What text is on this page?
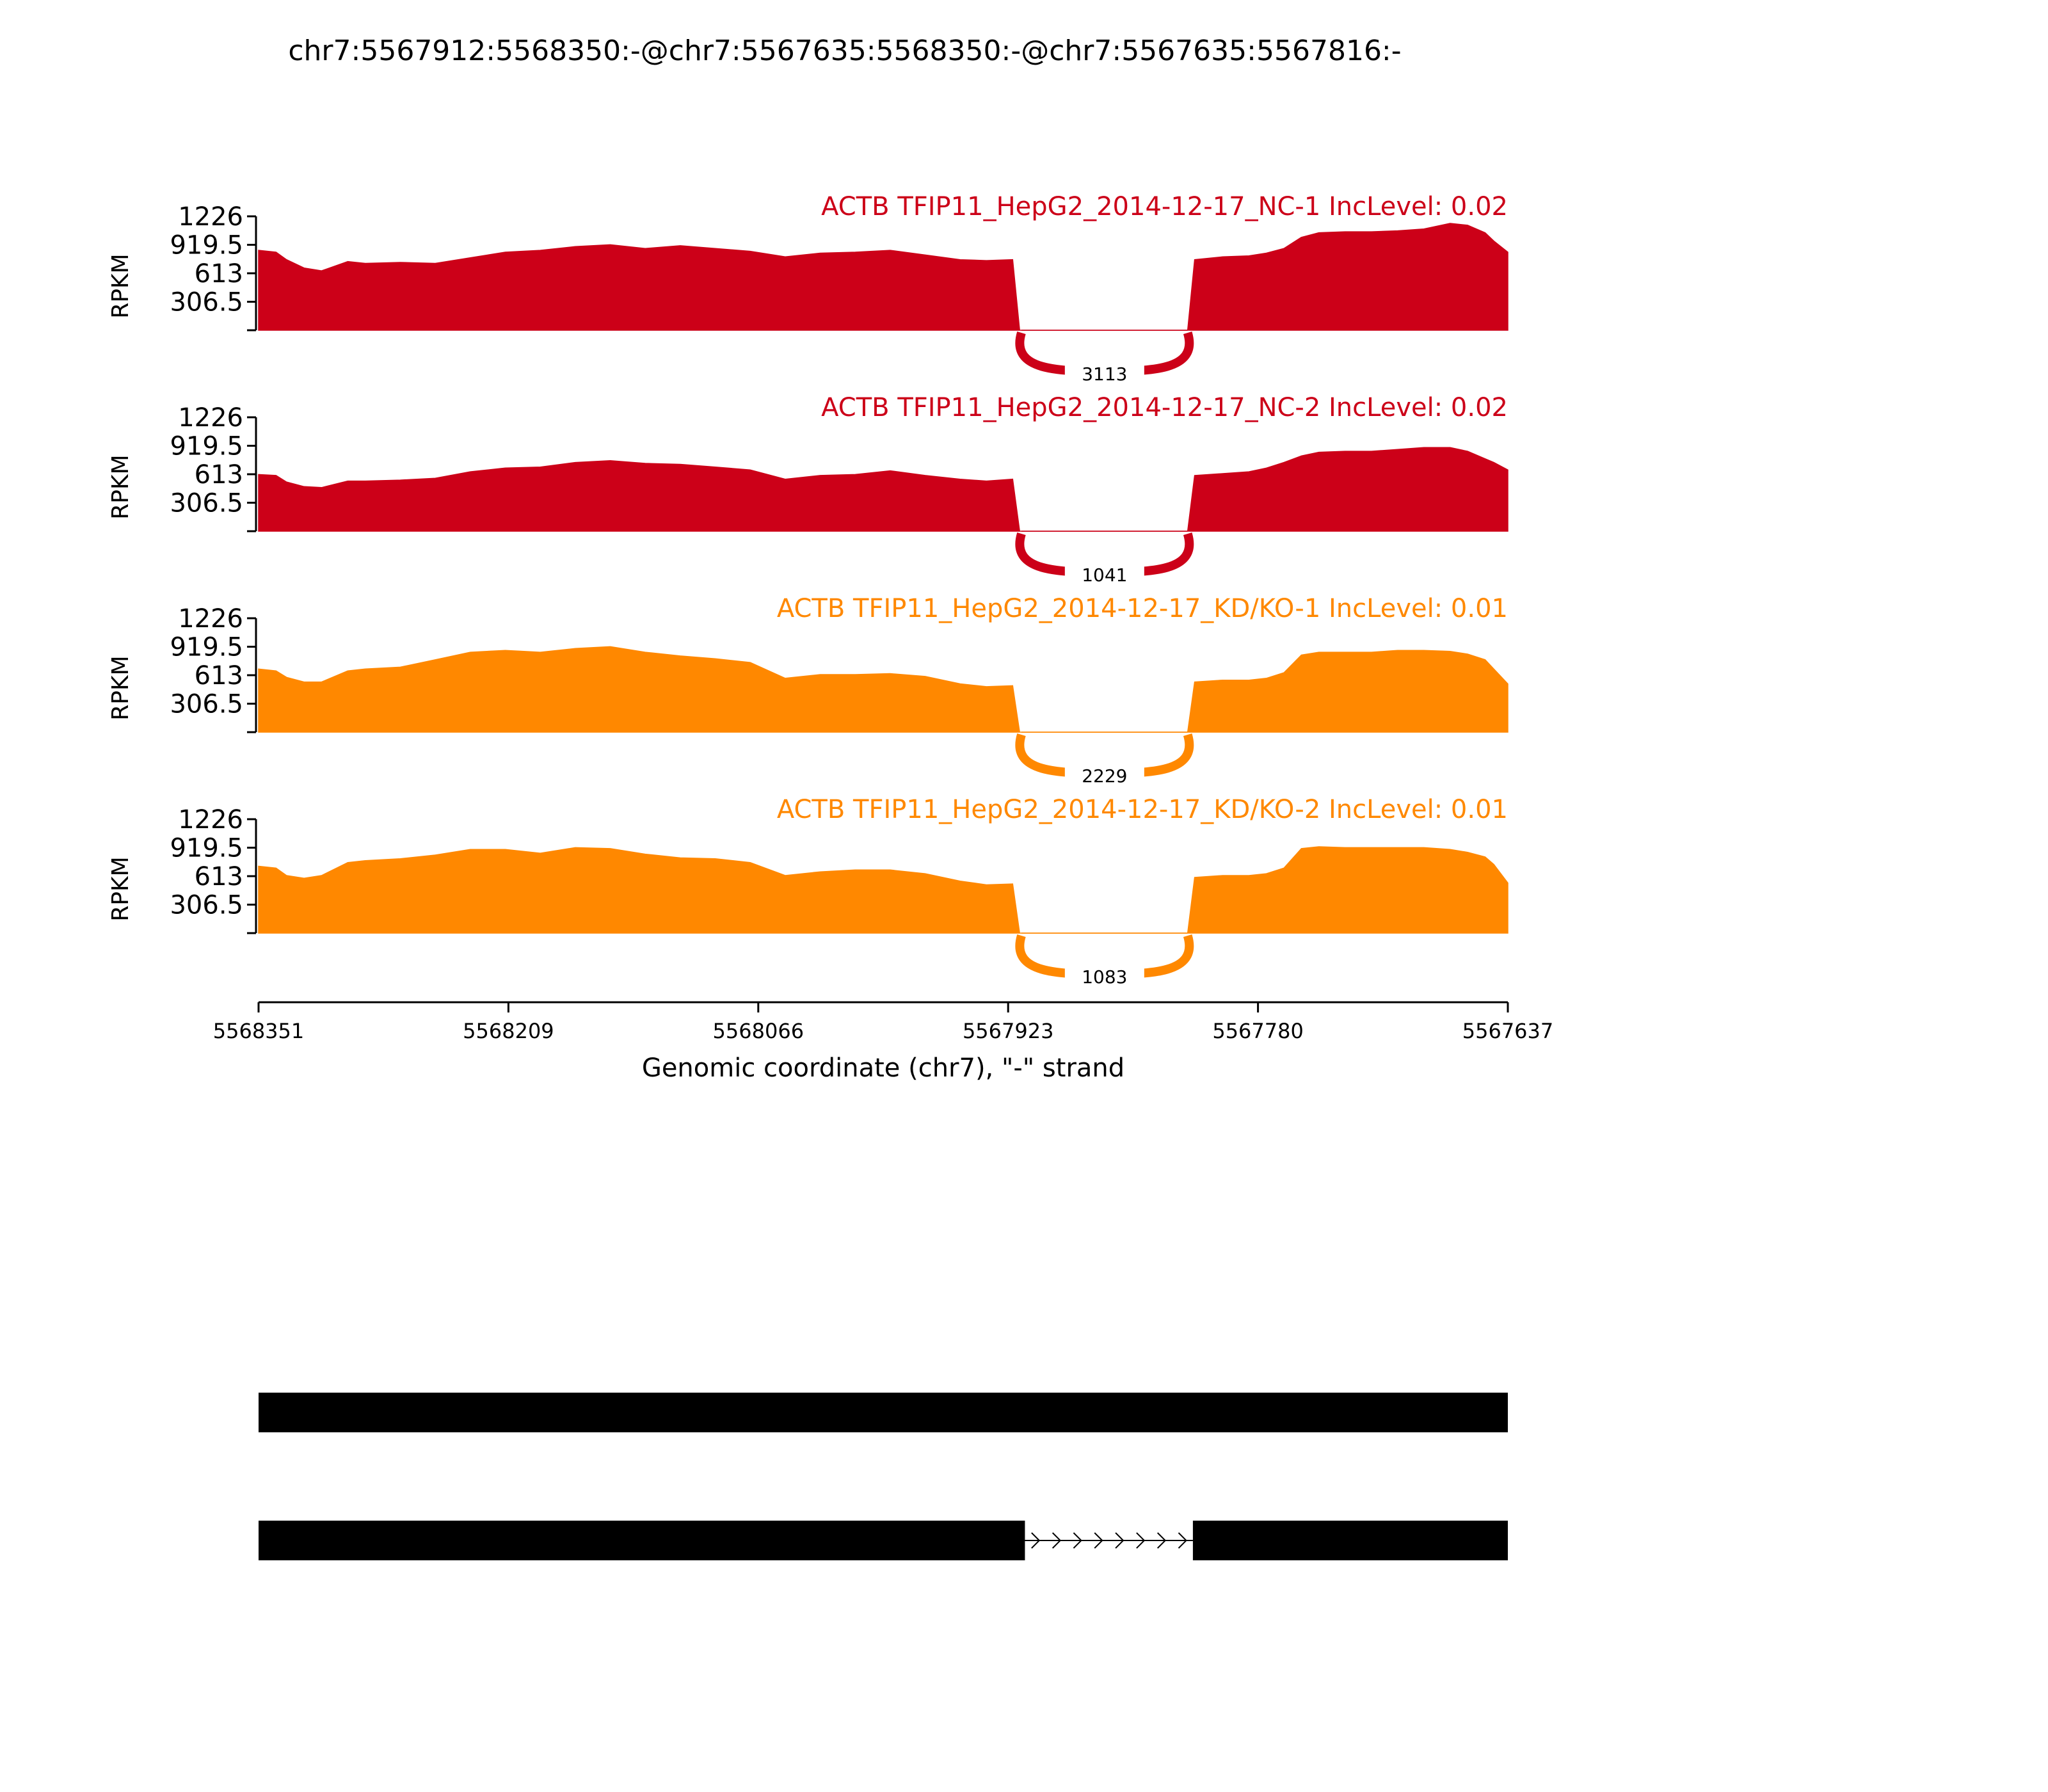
chr7:5567912:5568350:-@chr7:5567635:5568350:-@chr7:5567635:5567816:-
3113
1226
919.5
613
306.5
RPKM
ACTB TFIP11_HepG2_2014-12-17_NC-1 IncLevel: 0.02
1041
1226
919.5
613
306.5
RPKM
ACTB TFIP11_HepG2_2014-12-17_NC-2 IncLevel: 0.02
2229
1226
919.5
613
306.5
RPKM
ACTB TFIP11_HepG2_2014-12-17_KD/KO-1 IncLevel: 0.01
1083
1226
919.5
613
306.5
RPKM
ACTB TFIP11_HepG2_2014-12-17_KD/KO-2 IncLevel: 0.01
5568351	5568209	5568066	5567923	5567780	5567637
Genomic coordinate (chr7), "-" strand
